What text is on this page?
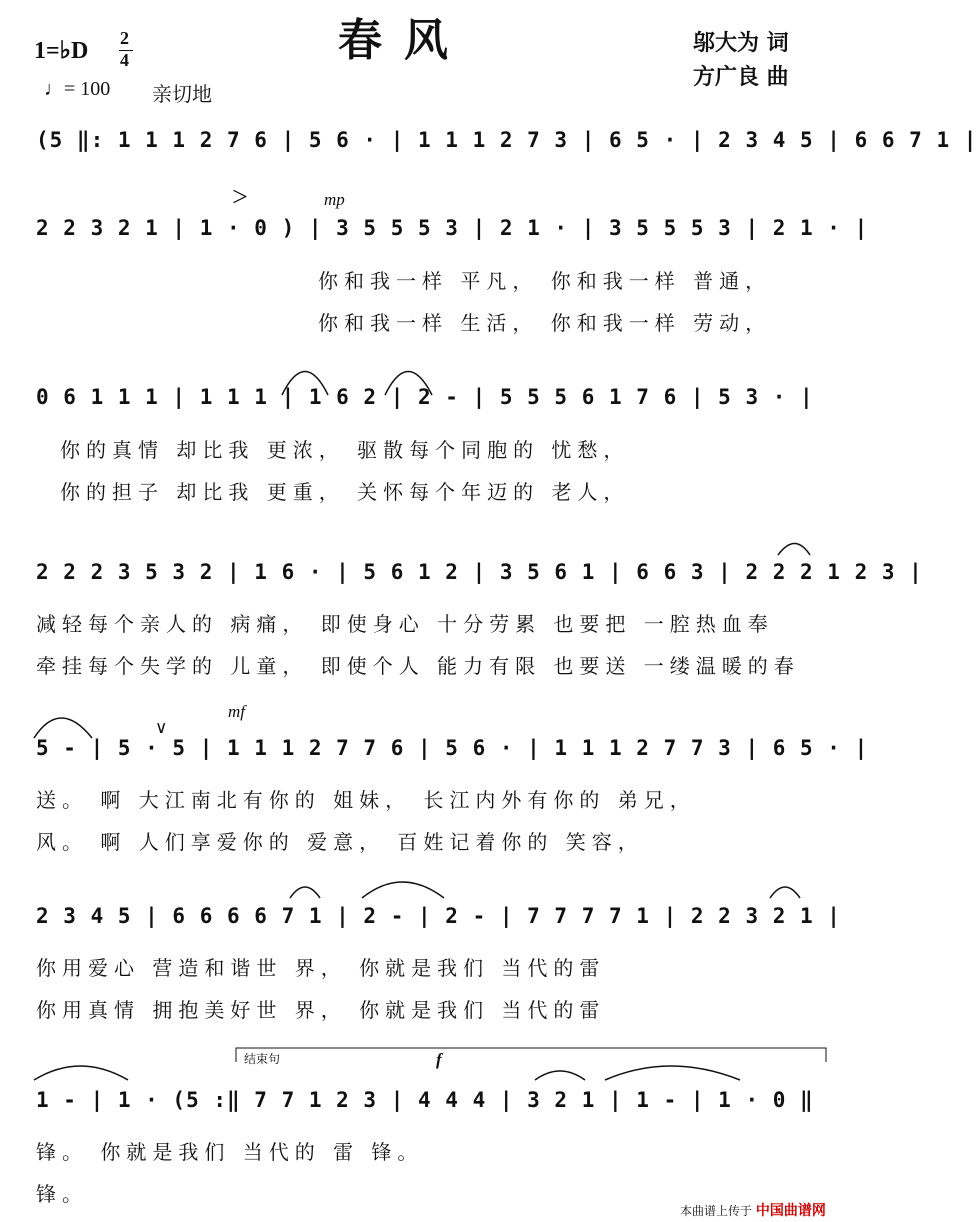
春风	邬大为 词
方广良 曲
1=♭D 2
4
♩= 100 亲切地
(5 ‖: 1 1 1 2 7 6 | 5 6 · | 1 1 1 2 7 3 | 6 5 · | 2 3 4 5 | 6 6 7 1 |
>	mp
2 2 3 2 1 | 1 · 0 ) | 3 5 5 5 3 | 2 1 · | 3 5 5 5 3 | 2 1 · |
你和我一样 平凡， 你和我一样 普通，
你和我一样 生活， 你和我一样 劳动，
0 6 1 1 1 | 1 1 1 | 1 6 2 | 2 - | 5 5 5 6 1 7 6 | 5 3 · |
你的真情 却比我 更浓， 驱散每个同胞的 忧愁，
你的担子 却比我 更重， 关怀每个年迈的 老人，
2 2 2 3 5 3 2 | 1 6 · | 5 6 1 2 | 3 5 6 1 | 6 6 3 | 2 2 2 1 2 3 |
减轻每个亲人的 病痛， 即使身心 十分劳累 也要把 一腔热血奉
牵挂每个失学的 儿童， 即使个人 能力有限 也要送 一缕温暖的春
mf
∨
5 - | 5 · 5 | 1 1 1 2 7 7 6 | 5 6 · | 1 1 1 2 7 7 3 | 6 5 · |
送。 啊 大江南北有你的 姐妹， 长江内外有你的 弟兄，
风。 啊 人们享爱你的 爱意， 百姓记着你的 笑容，
2 3 4 5 | 6 6 6 6 7 1 | 2 - | 2 - | 7 7 7 7 1 | 2 2 3 2 1 |
你用爱心 营造和谐世 界， 你就是我们 当代的雷
你用真情 拥抱美好世 界， 你就是我们 当代的雷
结束句	f
1 - | 1 · (5 :‖ 7 7 1 2 3 | 4 4 4 | 3 2 1 | 1 - | 1 · 0 ‖
锋。 你就是我们 当代的 雷 锋。
锋。
本曲谱上传于 中国曲谱网
